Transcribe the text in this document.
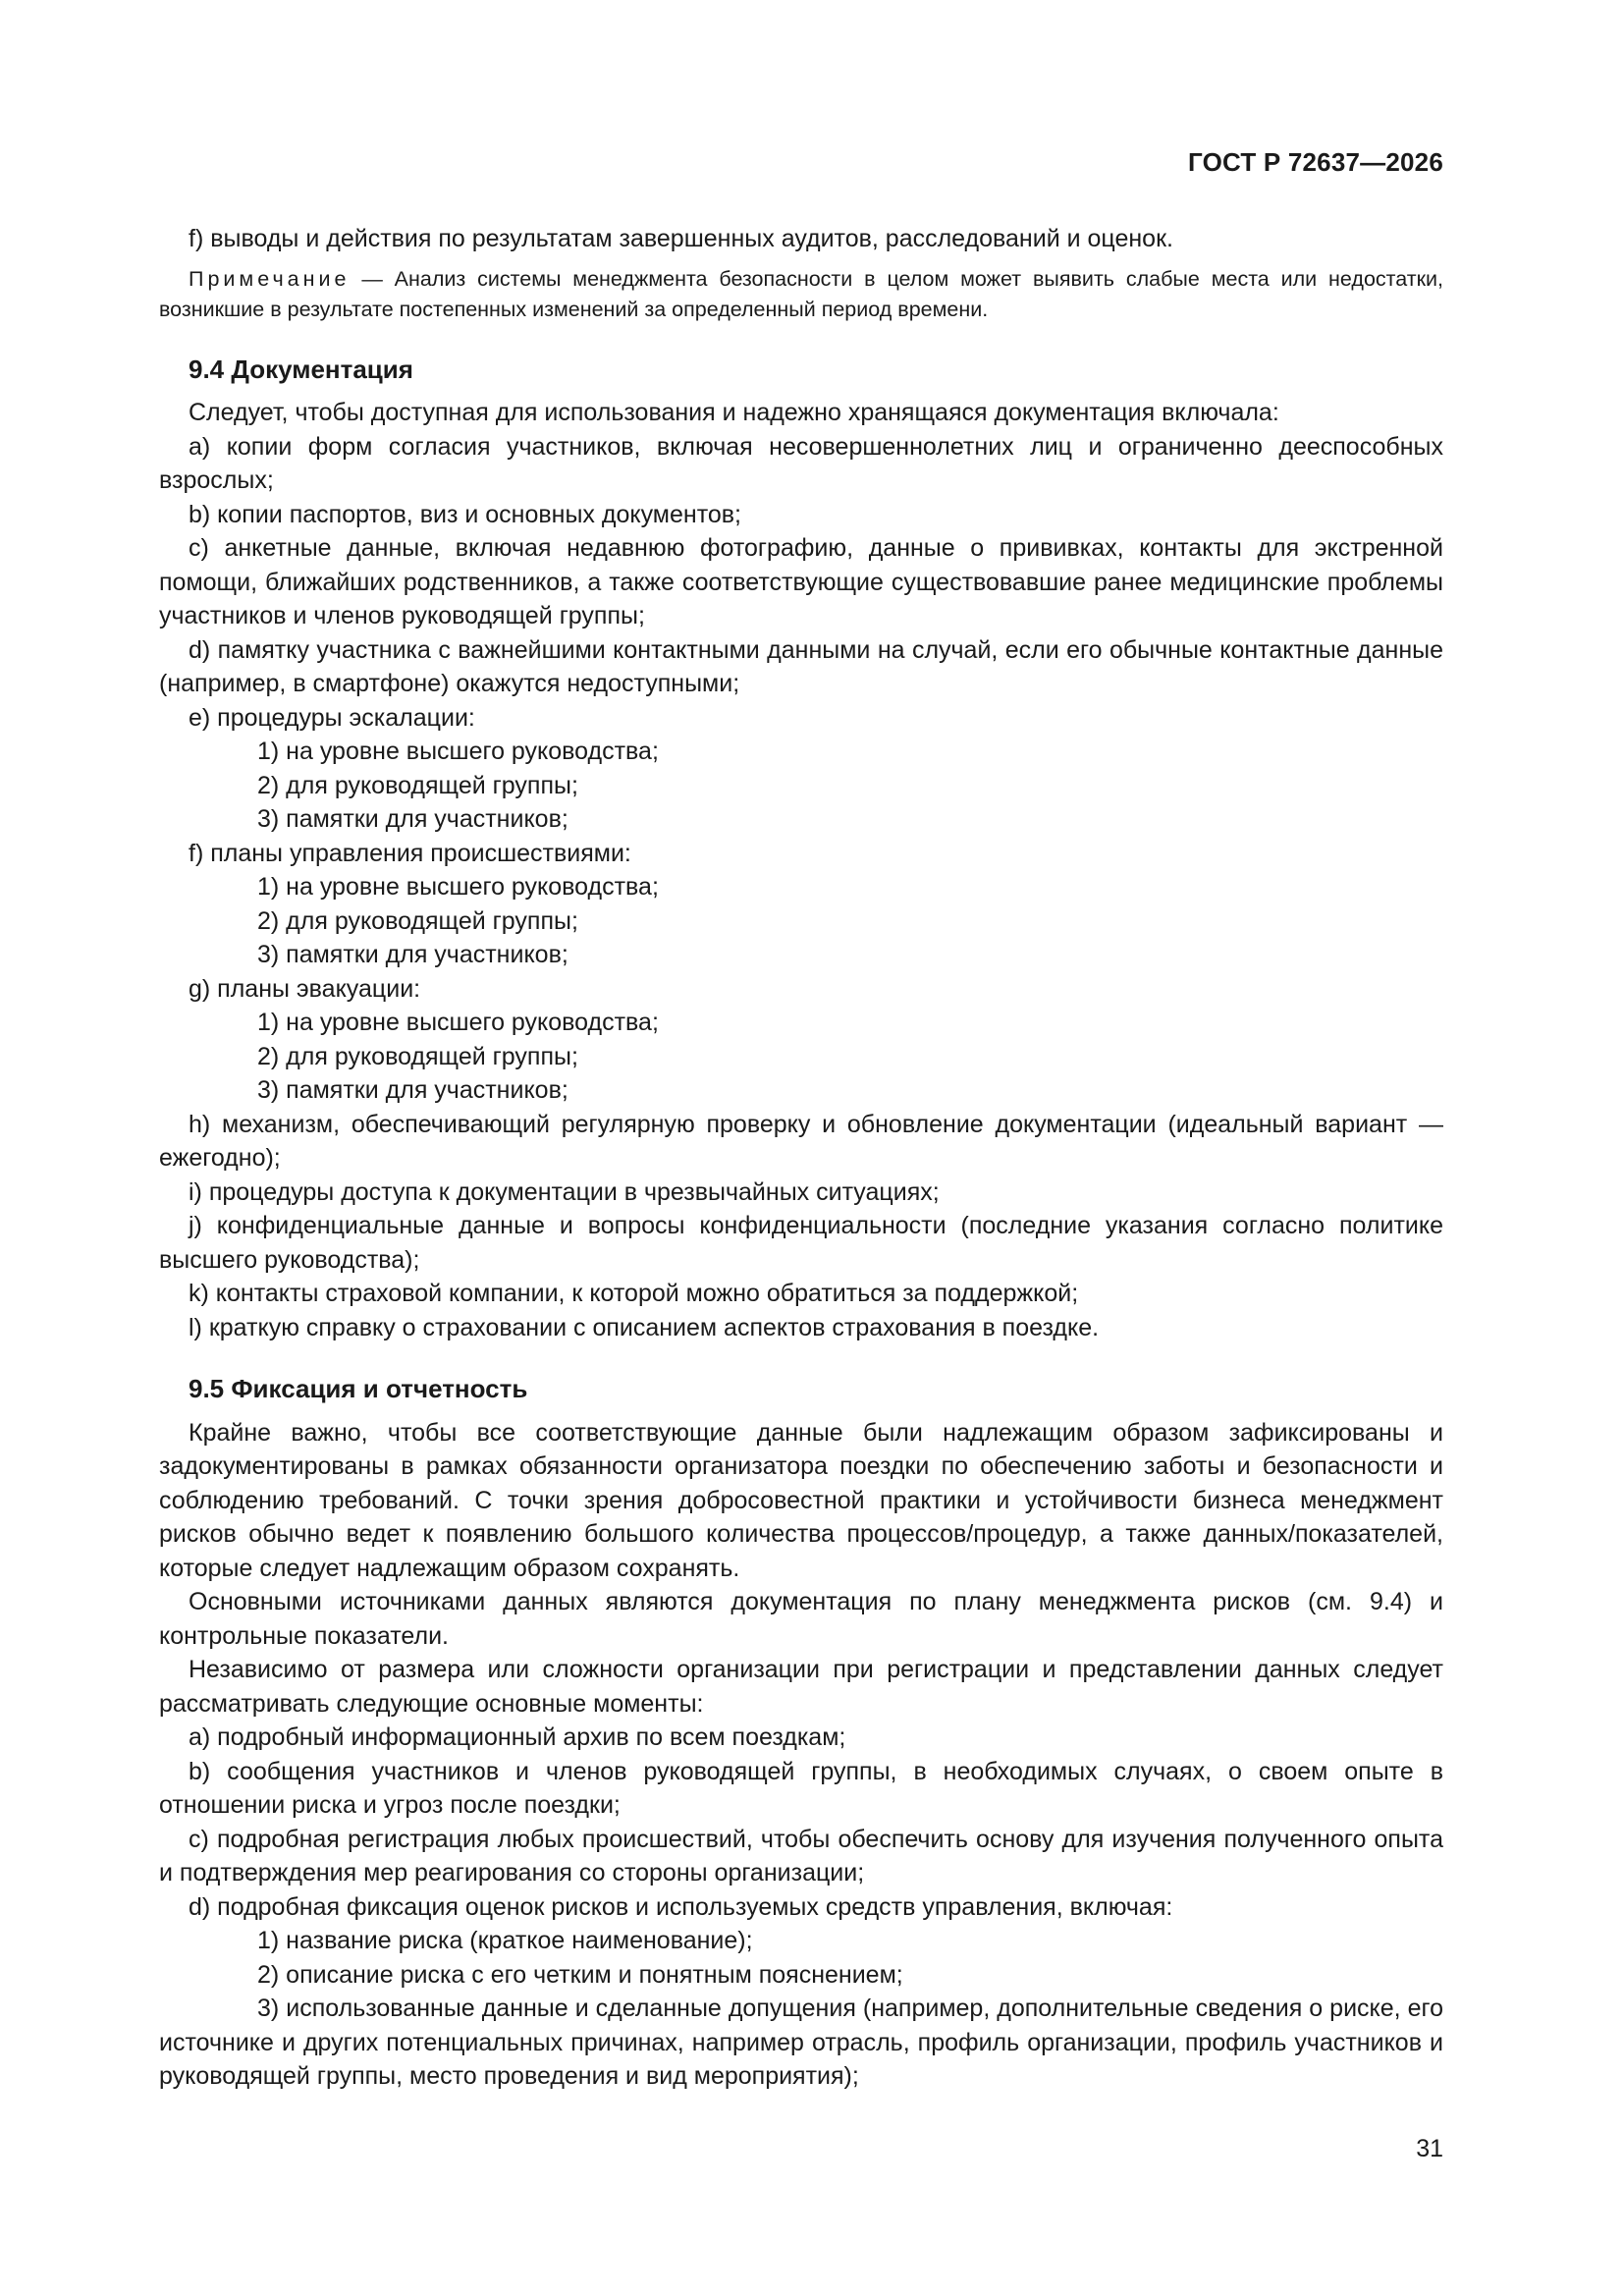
ГОСТ Р 72637—2026

f) выводы и действия по результатам завершенных аудитов, расследований и оценок.

Примечание — Анализ системы менеджмента безопасности в целом может выявить слабые места или недостатки, возникшие в результате постепенных изменений за определенный период времени.

9.4 Документация

Следует, чтобы доступная для использования и надежно хранящаяся документация включала:

a) копии форм согласия участников, включая несовершеннолетних лиц и ограниченно дееспособных взрослых;

b) копии паспортов, виз и основных документов;

c) анкетные данные, включая недавнюю фотографию, данные о прививках, контакты для экстренной помощи, ближайших родственников, а также соответствующие существовавшие ранее медицинские проблемы участников и членов руководящей группы;

d) памятку участника с важнейшими контактными данными на случай, если его обычные контактные данные (например, в смартфоне) окажутся недоступными;

e) процедуры эскалации:

1) на уровне высшего руководства;

2) для руководящей группы;

3) памятки для участников;

f) планы управления происшествиями:

1) на уровне высшего руководства;

2) для руководящей группы;

3) памятки для участников;

g) планы эвакуации:

1) на уровне высшего руководства;

2) для руководящей группы;

3) памятки для участников;

h) механизм, обеспечивающий регулярную проверку и обновление документации (идеальный вариант — ежегодно);

i) процедуры доступа к документации в чрезвычайных ситуациях;

j) конфиденциальные данные и вопросы конфиденциальности (последние указания согласно политике высшего руководства);

k) контакты страховой компании, к которой можно обратиться за поддержкой;

l) краткую справку о страховании с описанием аспектов страхования в поездке.

9.5 Фиксация и отчетность

Крайне важно, чтобы все соответствующие данные были надлежащим образом зафиксированы и задокументированы в рамках обязанности организатора поездки по обеспечению заботы и безопасности и соблюдению требований. С точки зрения добросовестной практики и устойчивости бизнеса менеджмент рисков обычно ведет к появлению большого количества процессов/процедур, а также данных/показателей, которые следует надлежащим образом сохранять.

Основными источниками данных являются документация по плану менеджмента рисков (см. 9.4) и контрольные показатели.

Независимо от размера или сложности организации при регистрации и представлении данных следует рассматривать следующие основные моменты:

a) подробный информационный архив по всем поездкам;

b) сообщения участников и членов руководящей группы, в необходимых случаях, о своем опыте в отношении риска и угроз после поездки;

c) подробная регистрация любых происшествий, чтобы обеспечить основу для изучения полученного опыта и подтверждения мер реагирования со стороны организации;

d) подробная фиксация оценок рисков и используемых средств управления, включая:

1) название риска (краткое наименование);

2) описание риска с его четким и понятным пояснением;

3) использованные данные и сделанные допущения (например, дополнительные сведения о риске, его источнике и других потенциальных причинах, например отрасль, профиль организации, профиль участников и руководящей группы, место проведения и вид мероприятия);

31
